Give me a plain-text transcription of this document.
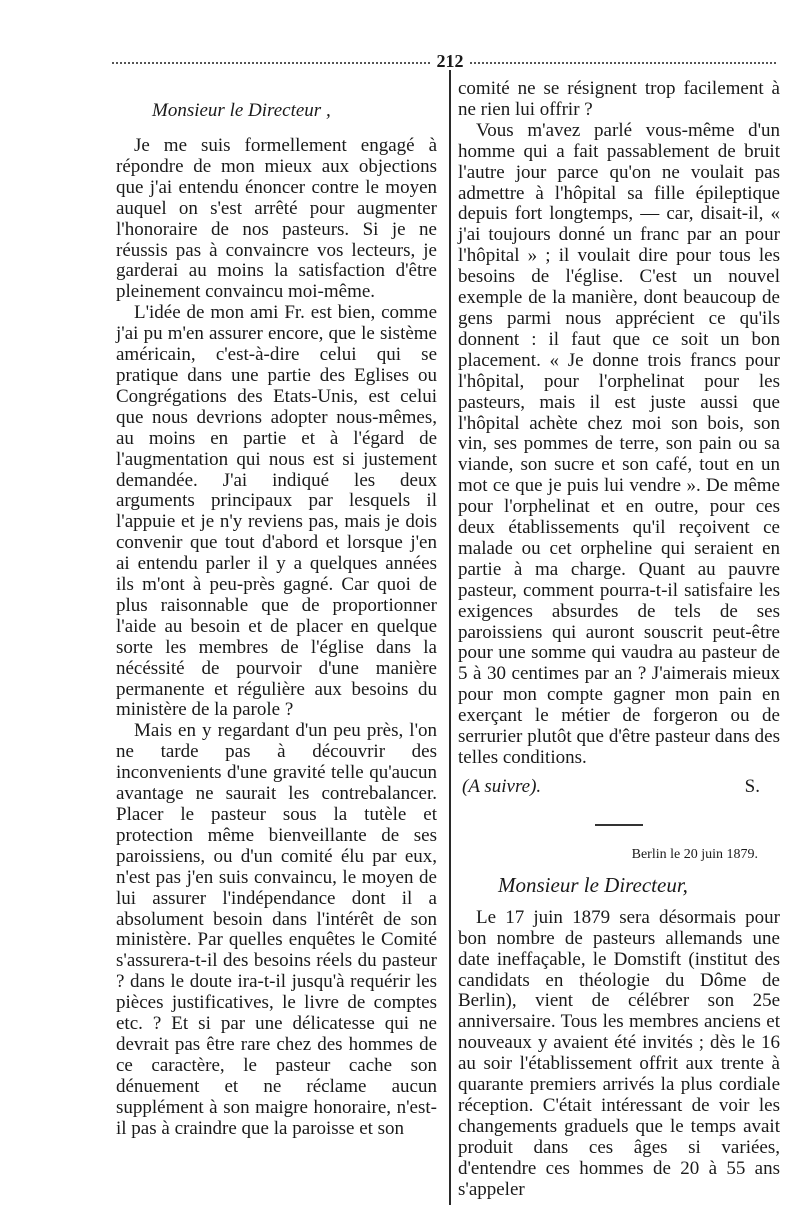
212
Monsieur le Directeur ,

Je me suis formellement engagé à répondre de mon mieux aux objections que j'ai entendu énoncer contre le moyen auquel on s'est arrêté pour augmenter l'honoraire de nos pasteurs. Si je ne réussis pas à convaincre vos lecteurs, je garderai au moins la satisfaction d'être pleinement convaincu moi-même.

L'idée de mon ami Fr. est bien, comme j'ai pu m'en assurer encore, que le sistème américain, c'est-à-dire celui qui se pratique dans une partie des Eglises ou Congrégations des Etats-Unis, est celui que nous devrions adopter nous-mêmes, au moins en partie et à l'égard de l'augmentation qui nous est si justement demandée. J'ai indiqué les deux arguments principaux par lesquels il l'appuie et je n'y reviens pas, mais je dois convenir que tout d'abord et lorsque j'en ai entendu parler il y a quelques années ils m'ont à peu-près gagné. Car quoi de plus raisonnable que de proportionner l'aide au besoin et de placer en quelque sorte les membres de l'église dans la nécéssité de pourvoir d'une manière permanente et régulière aux besoins du ministère de la parole ?

Mais en y regardant d'un peu près, l'on ne tarde pas à découvrir des inconvenients d'une gravité telle qu'aucun avantage ne saurait les contrebalancer. Placer le pasteur sous la tutèle et protection même bienveillante de ses paroissiens, ou d'un comité élu par eux, n'est pas j'en suis convaincu, le moyen de lui assurer l'indépendance dont il a absolument besoin dans l'intérêt de son ministère. Par quelles enquêtes le Comité s'assurera-t-il des besoins réels du pasteur ? dans le doute ira-t-il jusqu'à requérir les pièces justificatives, le livre de comptes etc. ? Et si par une délicatesse qui ne devrait pas être rare chez des hommes de ce caractère, le pasteur cache son dénuement et ne réclame aucun supplément à son maigre honoraire, n'est-il pas à craindre que la paroisse et son

comité ne se résignent trop facilement à ne rien lui offrir ?

Vous m'avez parlé vous-même d'un homme qui a fait passablement de bruit l'autre jour parce qu'on ne voulait pas admettre à l'hôpital sa fille épileptique depuis fort longtemps, — car, disait-il, « j'ai toujours donné un franc par an pour l'hôpital » ; il voulait dire pour tous les besoins de l'église. C'est un nouvel exemple de la manière, dont beaucoup de gens parmi nous apprécient ce qu'ils donnent : il faut que ce soit un bon placement. « Je donne trois francs pour l'hôpital, pour l'orphelinat pour les pasteurs, mais il est juste aussi que l'hôpital achète chez moi son bois, son vin, ses pommes de terre, son pain ou sa viande, son sucre et son café, tout en un mot ce que je puis lui vendre ». De même pour l'orphelinat et en outre, pour ces deux établissements qu'il reçoivent ce malade ou cet orpheline qui seraient en partie à ma charge. Quant au pauvre pasteur, comment pourra-t-il satisfaire les exigences absurdes de tels de ses paroissiens qui auront souscrit peut-être pour une somme qui vaudra au pasteur de 5 à 30 centimes par an ? J'aimerais mieux pour mon compte gagner mon pain en exerçant le métier de forgeron ou de serrurier plutôt que d'être pasteur dans des telles conditions.

(A suivre).	S.
Berlin le 20 juin 1879.
Monsieur le Directeur,

Le 17 juin 1879 sera désormais pour bon nombre de pasteurs allemands une date ineffaçable, le Domstift (institut des candidats en théologie du Dôme de Berlin), vient de célébrer son 25e anniversaire. Tous les membres anciens et nouveaux y avaient été invités ; dès le 16 au soir l'établissement offrit aux trente à quarante premiers arrivés la plus cordiale réception. C'était intéressant de voir les changements graduels que le temps avait produit dans ces âges si variées, d'entendre ces hommes de 20 à 55 ans s'appeler
